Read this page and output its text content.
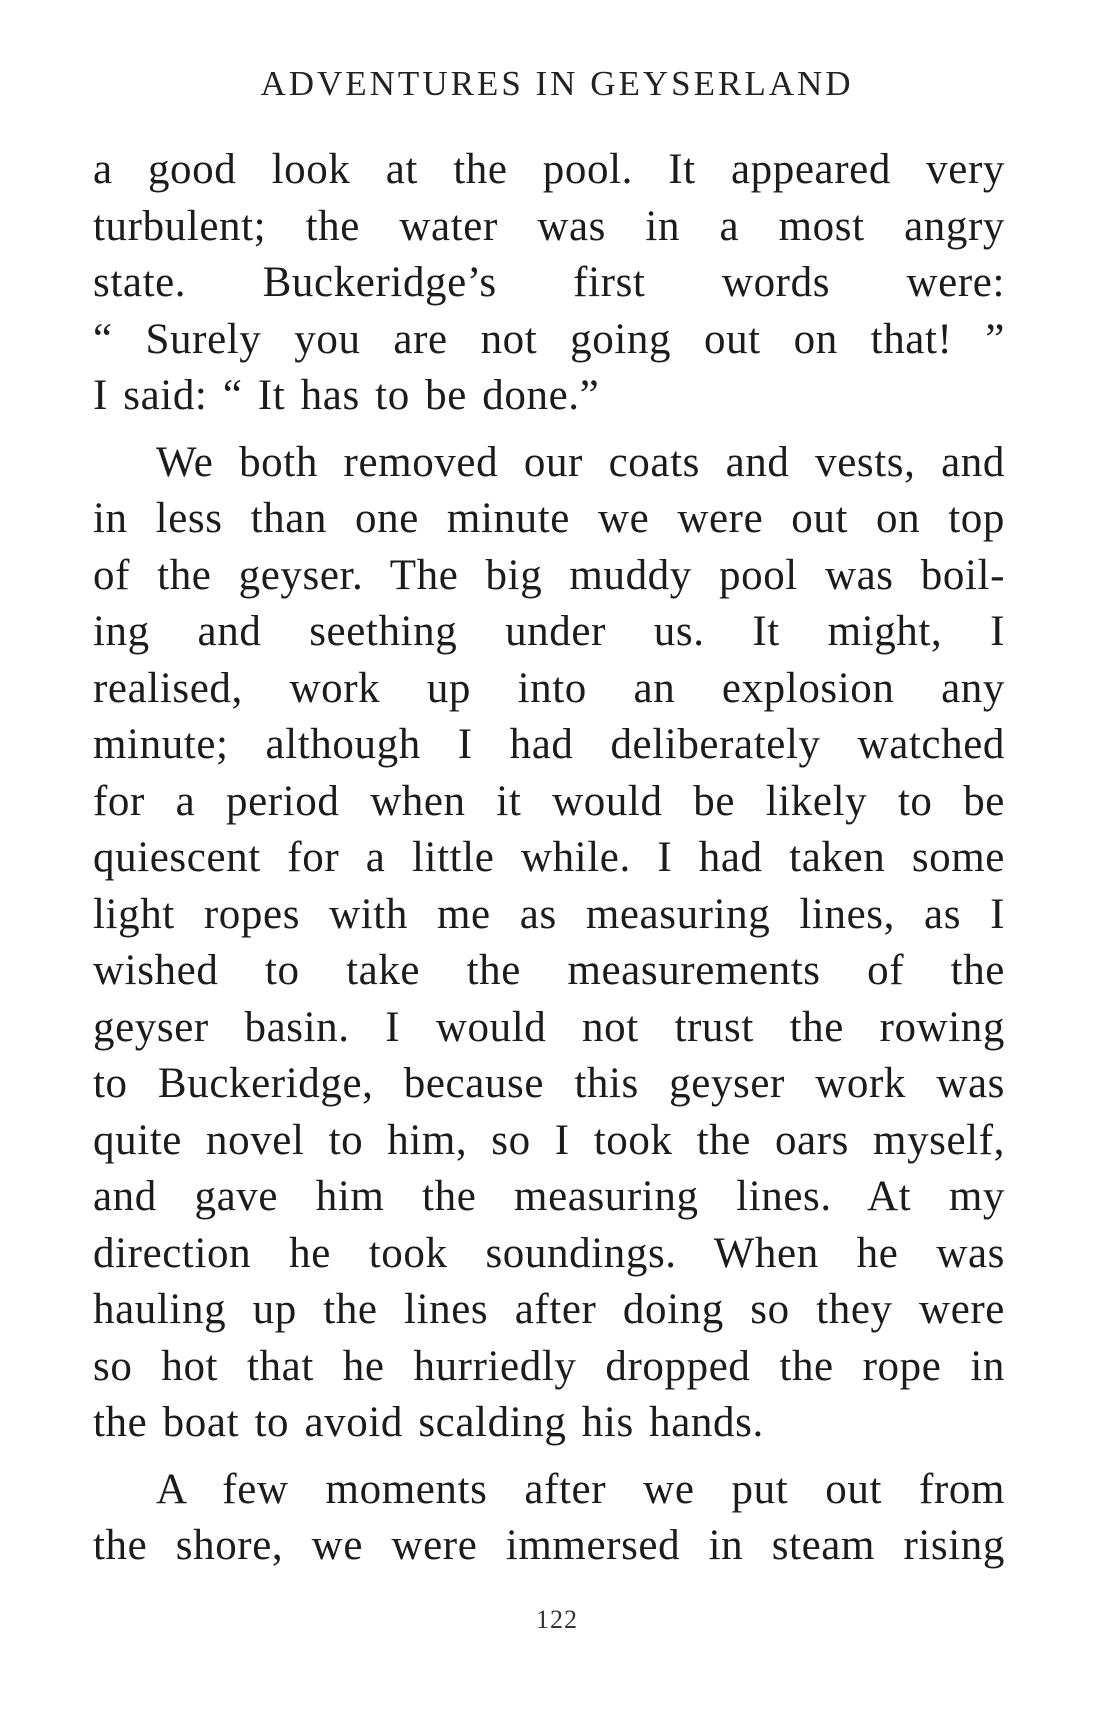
ADVENTURES IN GEYSERLAND

a good look at the pool. It appeared very
turbulent; the water was in a most angry
state. Buckeridge’s first words were:
“ Surely you are not going out on that! ”
I said: “ It has to be done.”

We both removed our coats and vests, and
in less than one minute we were out on top
of the geyser. The big muddy pool was boil-
ing and seething under us. It might, I
realised, work up into an explosion any
minute; although I had deliberately watched
for a period when it would be likely to be
quiescent for a little while. I had taken some
light ropes with me as measuring lines, as I
wished to take the measurements of the
geyser basin. I would not trust the rowing
to Buckeridge, because this geyser work was
quite novel to him, so I took the oars myself,
and gave him the measuring lines. At my
direction he took soundings. When he was
hauling up the lines after doing so they were
so hot that he hurriedly dropped the rope in
the boat to avoid scalding his hands.

A few moments after we put out from
the shore, we were immersed in steam rising

122
